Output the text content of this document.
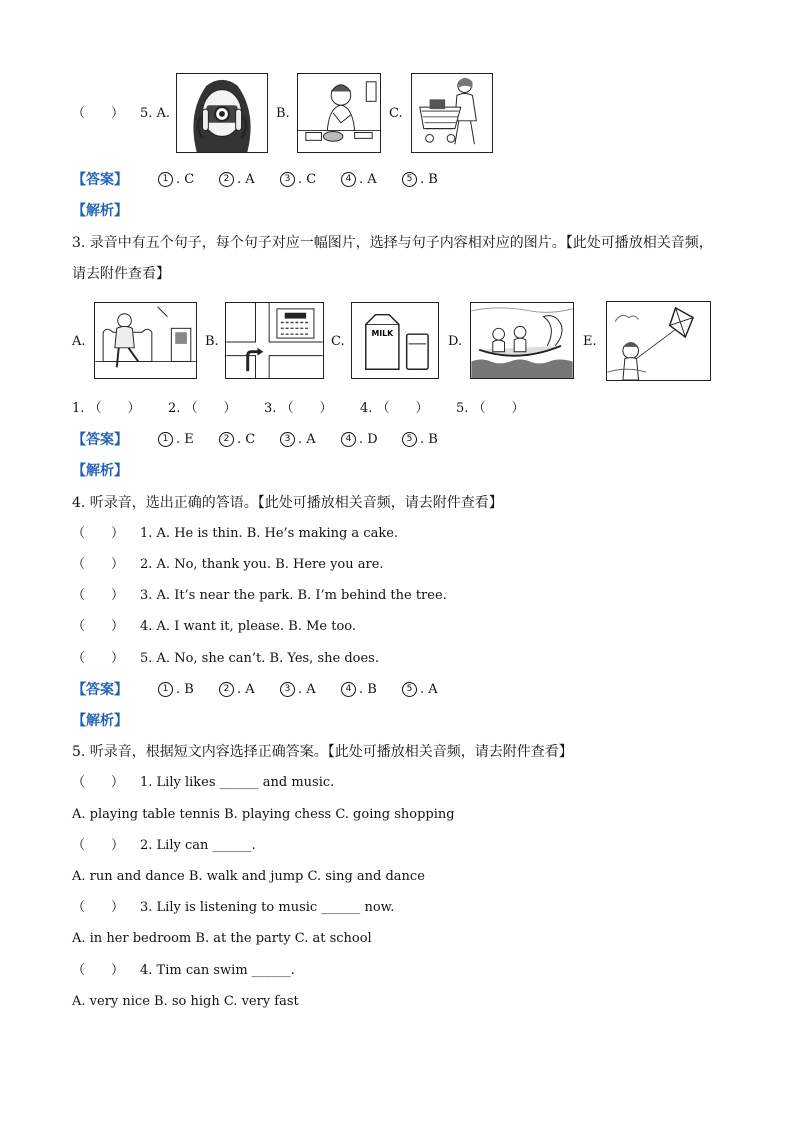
（　　） 5. A.	B.	C.
【答案】	1 . C	2 . A	3 . C	4 . A	5 . B
【解析】
3. 录音中有五个句子，每个句子对应一幅图片，选择与句子内容相对应的图片。【此处可播放相关音频，
请去附件查看】
A.	B.	C.
MILK
D.	E.
1. （　　） 2. （　　） 3. （　　） 4. （　　） 5. （　　）
【答案】	1 . E	2 . C	3 . A	4 . D	5 . B
【解析】
4. 听录音，选出正确的答语。【此处可播放相关音频，请去附件查看】
（　　） 1. A. He is thin. B. He’s making a cake.
（　　） 2. A. No, thank you. B. Here you are.
（　　） 3. A. It’s near the park. B. I’m behind the tree.
（　　） 4. A. I want it, please. B. Me too.
（　　） 5. A. No, she can’t. B. Yes, she does.
【答案】	1 . B	2 . A	3 . A	4 . B	5 . A
【解析】
5. 听录音，根据短文内容选择正确答案。【此处可播放相关音频，请去附件查看】
（　　） 1. Lily likes ______ and music.
A. playing table tennis B. playing chess C. going shopping
（　　） 2. Lily can ______.
A. run and dance B. walk and jump C. sing and dance
（　　） 3. Lily is listening to music ______ now.
A. in her bedroom B. at the party C. at school
（　　） 4. Tim can swim ______.
A. very nice B. so high C. very fast
